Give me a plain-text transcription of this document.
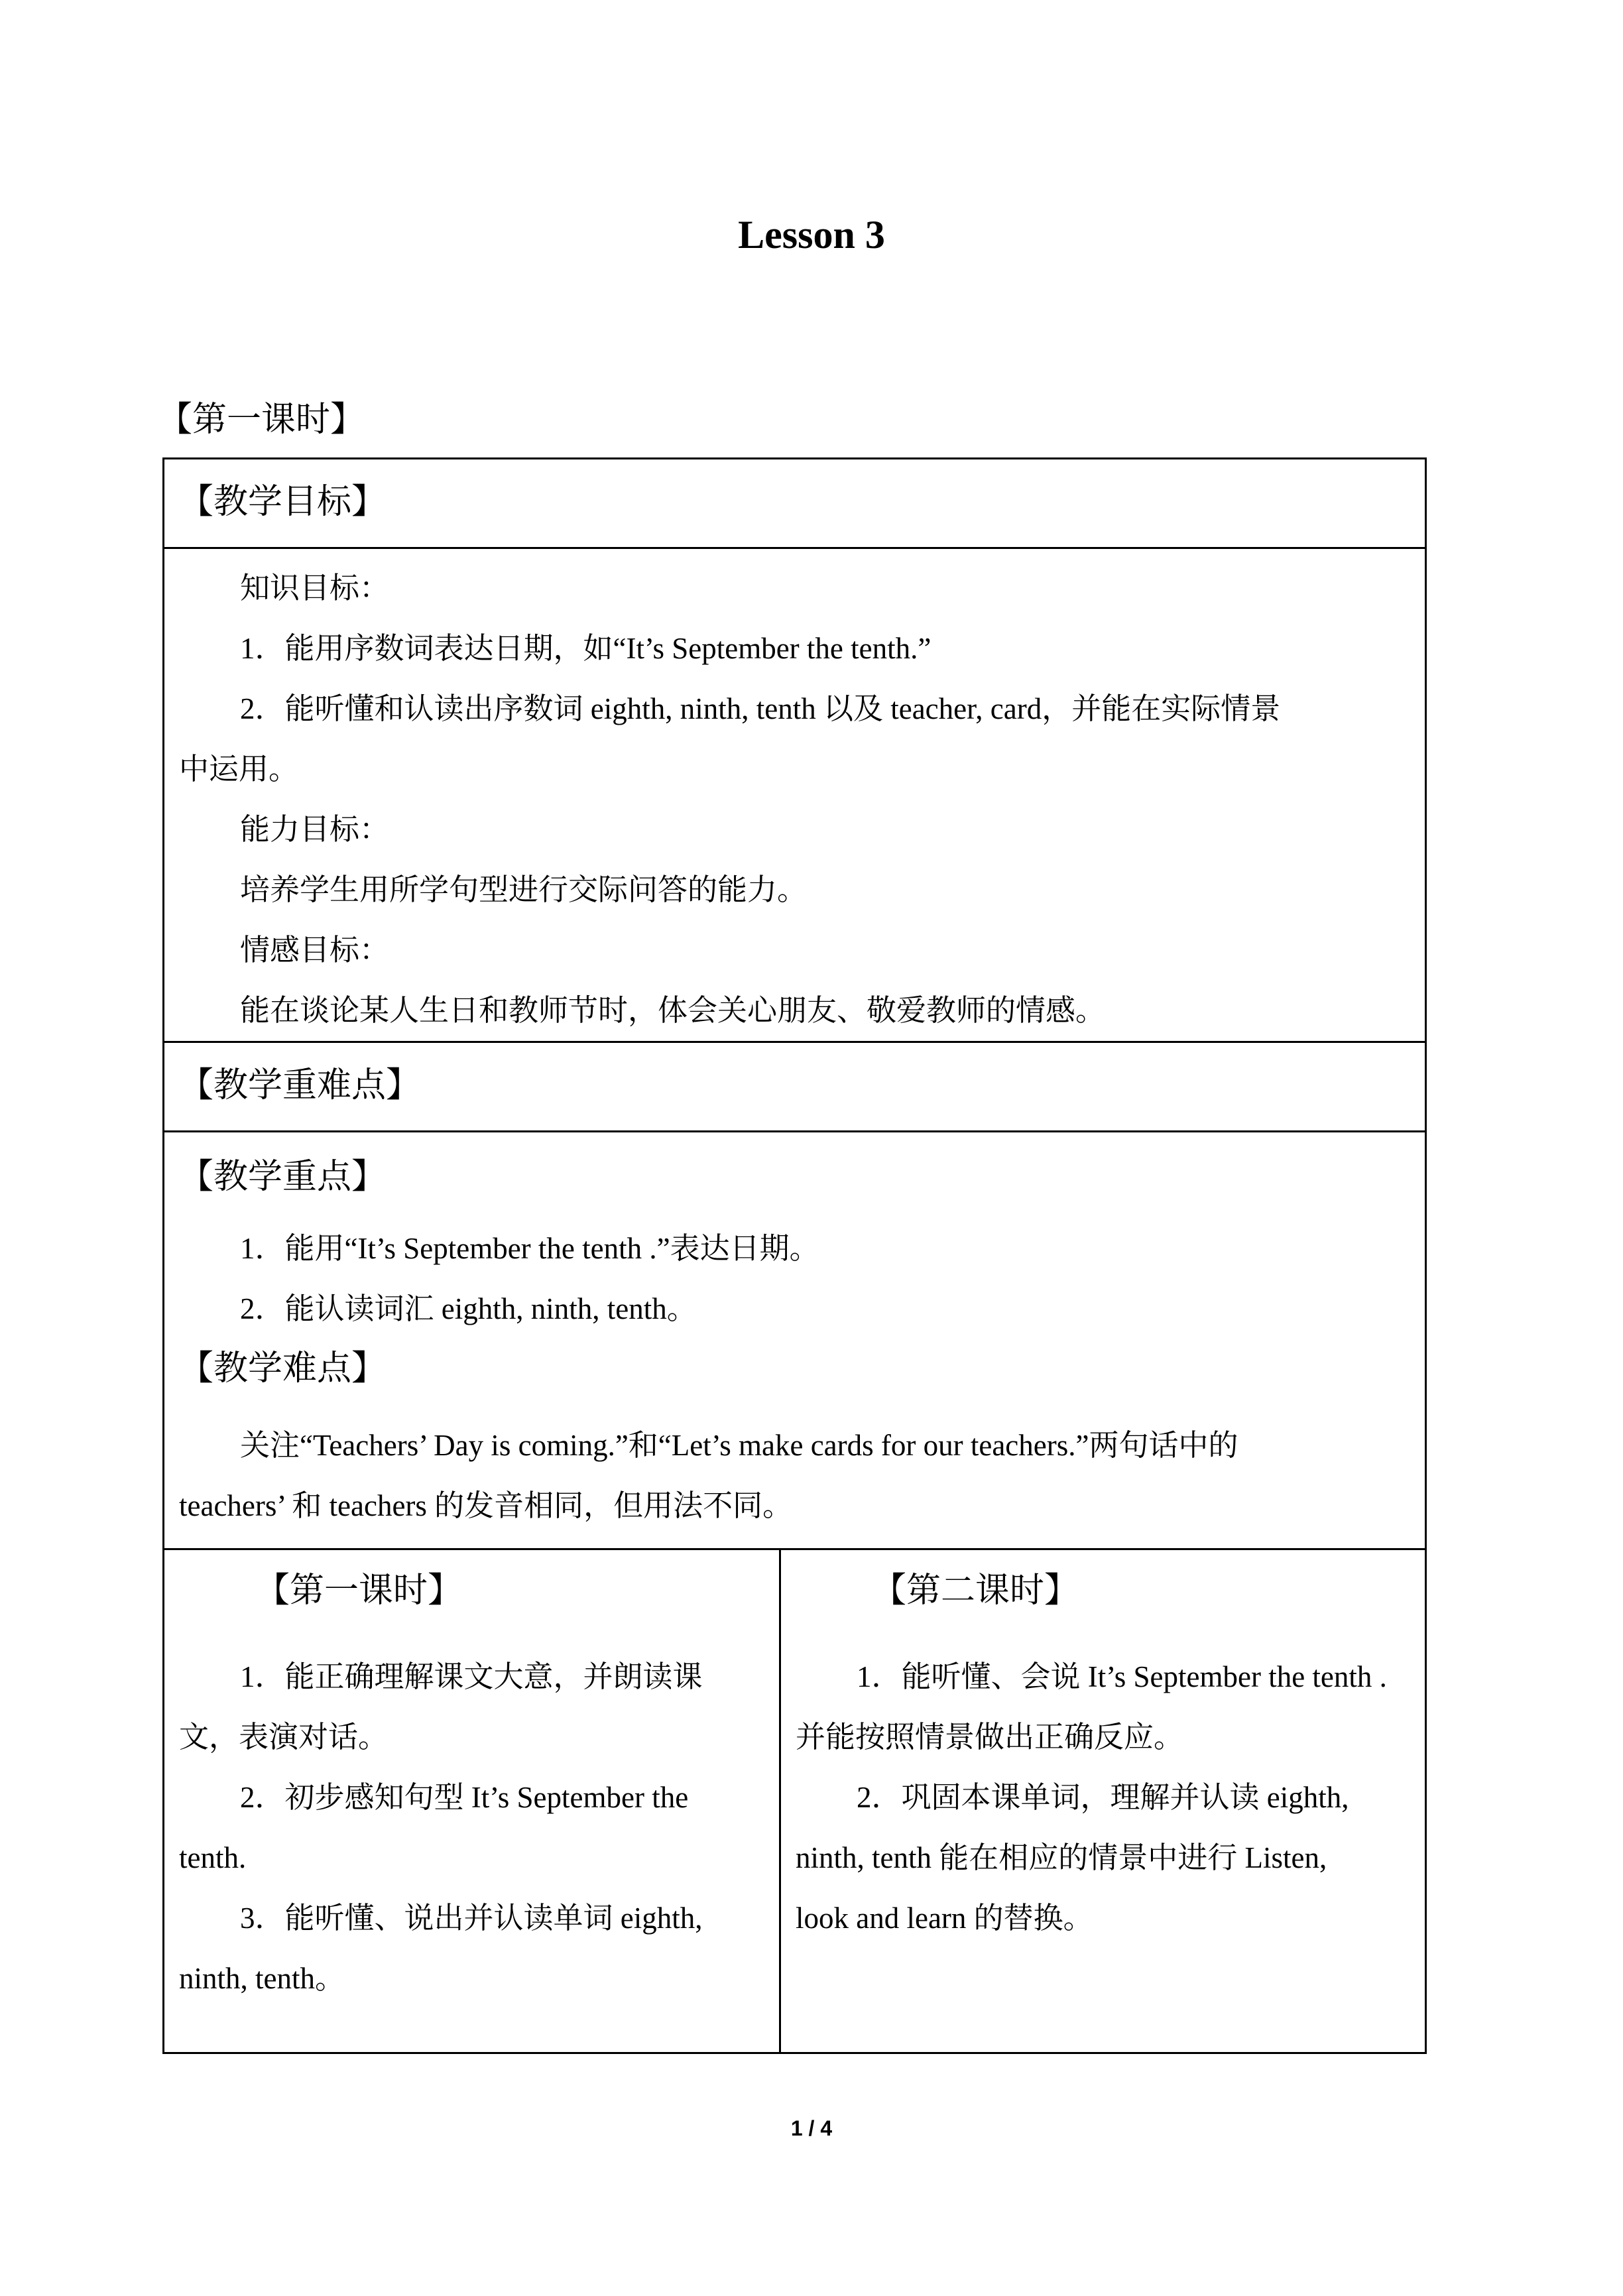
Lesson 3
【第一课时】
【教学目标】

知识目标：
1．能用序数词表达日期，如“It’s September the tenth.”
2．能听懂和认读出序数词 eighth, ninth, tenth 以及 teacher, card，并能在实际情景
中运用。
能力目标：
培养学生用所学句型进行交际问答的能力。
情感目标：
能在谈论某人生日和教师节时，体会关心朋友、敬爱教师的情感。

【教学重难点】

【教学重点】
1．能用“It’s September the tenth .”表达日期。
2．能认读词汇 eighth, ninth, tenth。
【教学难点】
关注“Teachers’ Day is coming.”和“Let’s make cards for our teachers.”两句话中的
teachers’ 和 teachers 的发音相同，但用法不同。

【第一课时】
1．能正确理解课文大意，并朗读课
文，表演对话。
2．初步感知句型 It’s September the
tenth.
3．能听懂、说出并认读单词 eighth,
ninth, tenth。

【第二课时】
1．能听懂、会说 It’s September the tenth .
并能按照情景做出正确反应。
2．巩固本课单词，理解并认读 eighth,
ninth, tenth 能在相应的情景中进行 Listen,
look and learn 的替换。
1 / 4
